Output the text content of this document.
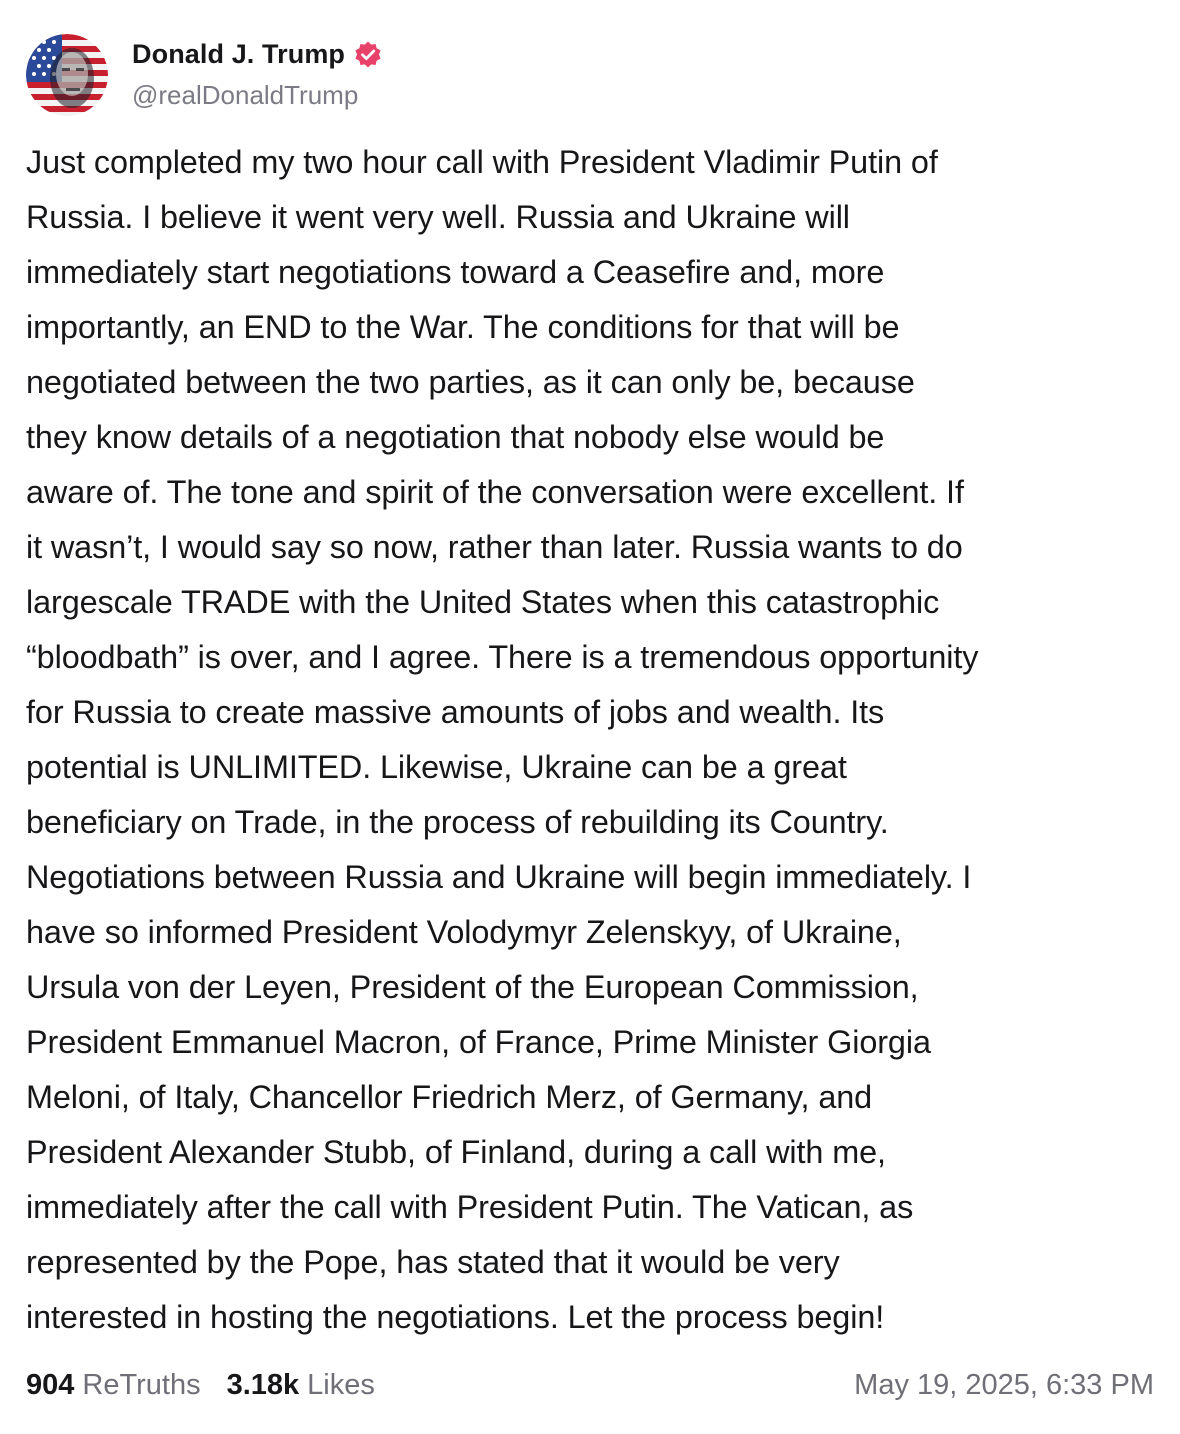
Donald J. Trump
@realDonaldTrump
Just completed my two hour call with President Vladimir Putin of
Russia. I believe it went very well. Russia and Ukraine will
immediately start negotiations toward a Ceasefire and, more
importantly, an END to the War. The conditions for that will be
negotiated between the two parties, as it can only be, because
they know details of a negotiation that nobody else would be
aware of. The tone and spirit of the conversation were excellent. If
it wasn’t, I would say so now, rather than later. Russia wants to do
largescale TRADE with the United States when this catastrophic
“bloodbath” is over, and I agree. There is a tremendous opportunity
for Russia to create massive amounts of jobs and wealth. Its
potential is UNLIMITED. Likewise, Ukraine can be a great
beneficiary on Trade, in the process of rebuilding its Country.
Negotiations between Russia and Ukraine will begin immediately. I
have so informed President Volodymyr Zelenskyy, of Ukraine,
Ursula von der Leyen, President of the European Commission,
President Emmanuel Macron, of France, Prime Minister Giorgia
Meloni, of Italy, Chancellor Friedrich Merz, of Germany, and
President Alexander Stubb, of Finland, during a call with me,
immediately after the call with President Putin. The Vatican, as
represented by the Pope, has stated that it would be very
interested in hosting the negotiations. Let the process begin!
904 ReTruths 3.18k Likes	May 19, 2025, 6:33 PM
